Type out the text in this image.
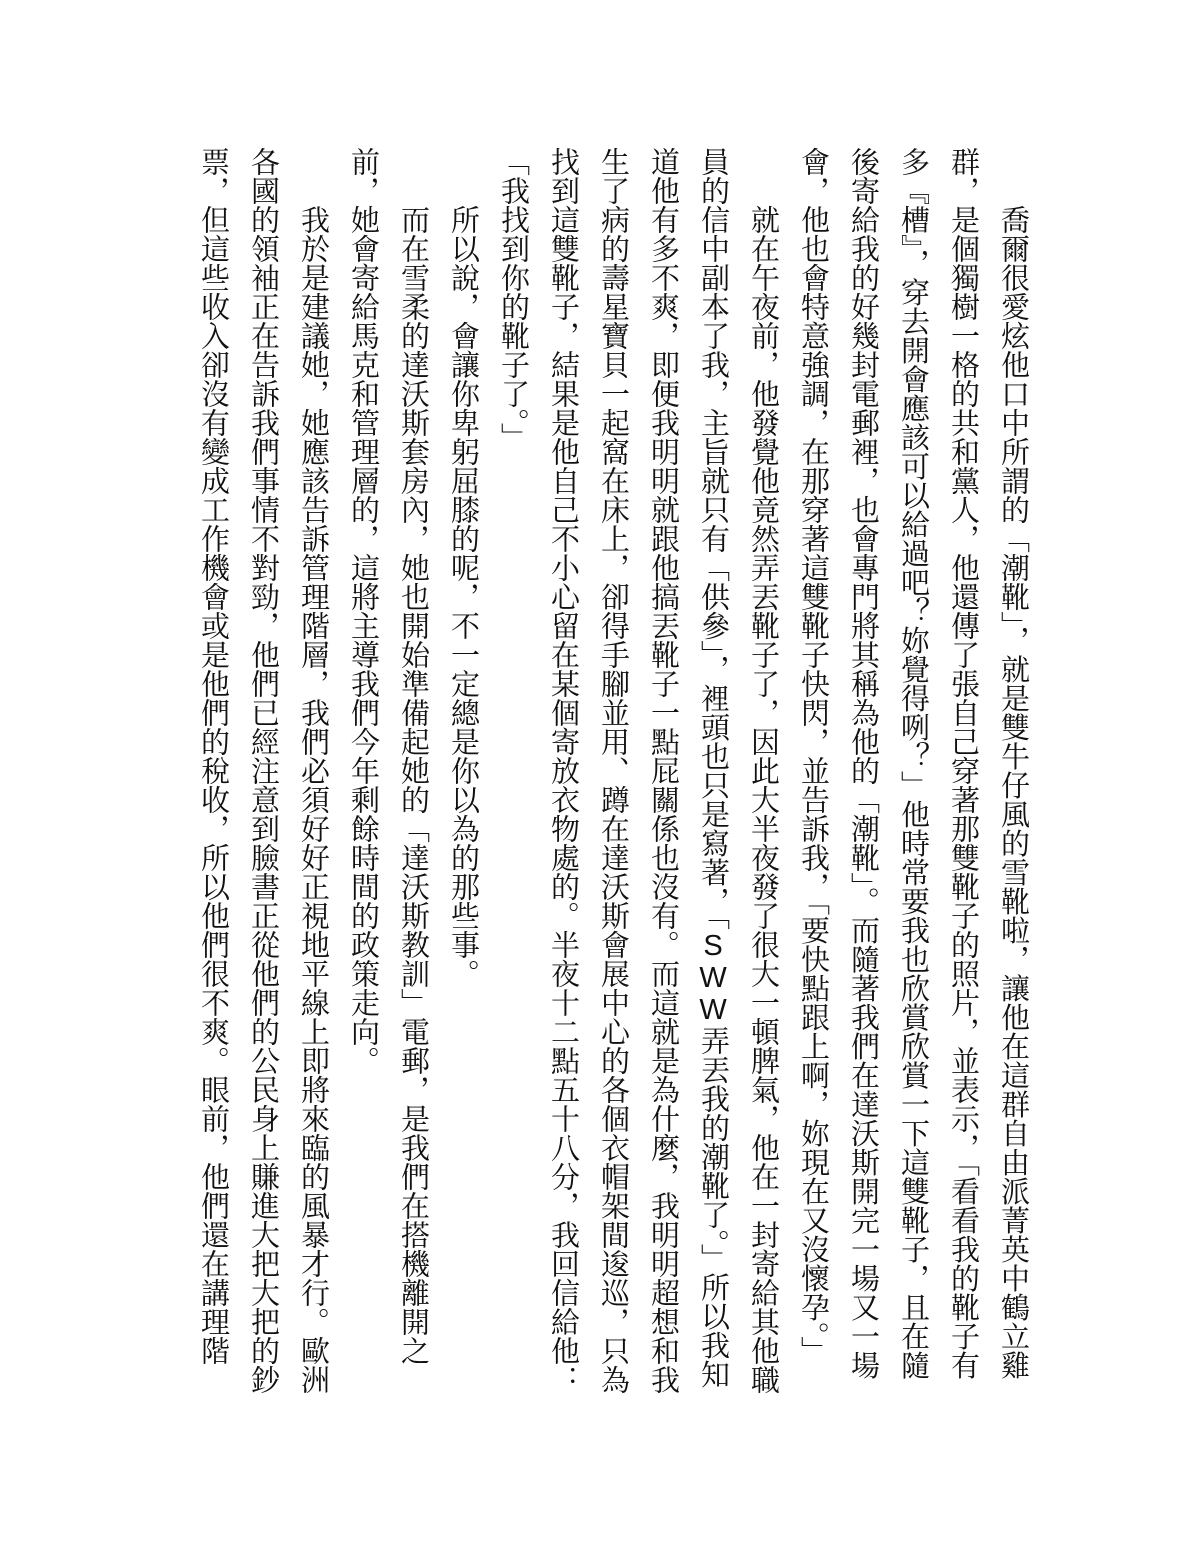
喬爾很愛炫他口中所謂的「潮靴」，就是雙牛仔風的雪靴啦，讓他在這群自由派菁英中鶴立雞群，是個獨樹一格的共和黨人，他還傳了張自己穿著那雙靴子的照片，並表示，「看看我的靴子有多『槽』，穿去開會應該可以給過吧？妳覺得咧？」他時常要我也欣賞欣賞一下這雙靴子，且在隨後寄給我的好幾封電郵裡，也會專門將其稱為他的「潮靴」。而隨著我們在達沃斯開完一場又一場會，他也會特意強調，在那穿著這雙靴子快閃，並告訴我，「要快點跟上啊，妳現在又沒懷孕。」

就在午夜前，他發覺他竟然弄丟靴子了，因此大半夜發了很大一頓脾氣，他在一封寄給其他職員的信中副本了我，主旨就只有「供參」，裡頭也只是寫著，「SWW弄丟我的潮靴了。」所以我知道他有多不爽，即便我明明就跟他搞丟靴子一點屁關係也沒有。而這就是為什麼，我明明超想和我生了病的壽星寶貝一起窩在床上，卻得手腳並用、蹲在達沃斯會展中心的各個衣帽架間逡巡，只為找到這雙靴子，結果是他自己不小心留在某個寄放衣物處的。半夜十二點五十八分，我回信給他：「我找到你的靴子了。」

所以說，會讓你卑躬屈膝的呢，不一定總是你以為的那些事。

而在雪柔的達沃斯套房內，她也開始準備起她的「達沃斯教訓」電郵，是我們在搭機離開之前，她會寄給馬克和管理層的，這將主導我們今年剩餘時間的政策走向。

我於是建議她，她應該告訴管理階層，我們必須好好正視地平線上即將來臨的風暴才行。歐洲各國的領袖正在告訴我們事情不對勁，他們已經注意到臉書正從他們的公民身上賺進大把大把的鈔票，但這些收入卻沒有變成工作機會或是他們的稅收，所以他們很不爽。眼前，他們還在講理階
